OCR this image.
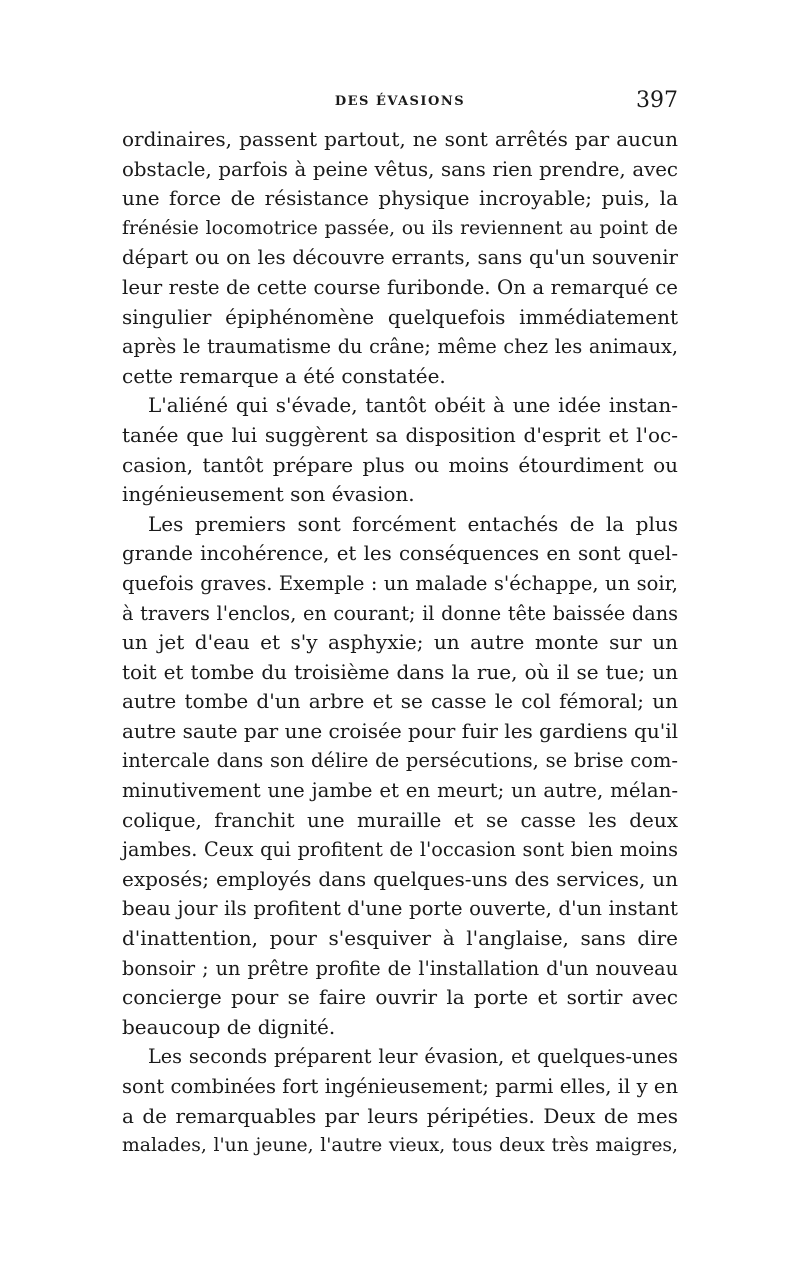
DES ÉVASIONS	397
ordinaires, passent partout, ne sont arrêtés par aucun
obstacle, parfois à peine vêtus, sans rien prendre, avec
une force de résistance physique incroyable; puis, la
frénésie locomotrice passée, ou ils reviennent au point de
départ ou on les découvre errants, sans qu'un souvenir
leur reste de cette course furibonde. On a remarqué ce
singulier épiphénomène quelquefois immédiatement
après le traumatisme du crâne; même chez les animaux,
cette remarque a été constatée.
L'aliéné qui s'évade, tantôt obéit à une idée instan-
tanée que lui suggèrent sa disposition d'esprit et l'oc-
casion, tantôt prépare plus ou moins étourdiment ou
ingénieusement son évasion.
Les premiers sont forcément entachés de la plus
grande incohérence, et les conséquences en sont quel-
quefois graves. Exemple : un malade s'échappe, un soir,
à travers l'enclos, en courant; il donne tête baissée dans
un jet d'eau et s'y asphyxie; un autre monte sur un
toit et tombe du troisième dans la rue, où il se tue; un
autre tombe d'un arbre et se casse le col fémoral; un
autre saute par une croisée pour fuir les gardiens qu'il
intercale dans son délire de persécutions, se brise com-
minutivement une jambe et en meurt; un autre, mélan-
colique, franchit une muraille et se casse les deux
jambes. Ceux qui profitent de l'occasion sont bien moins
exposés; employés dans quelques-uns des services, un
beau jour ils profitent d'une porte ouverte, d'un instant
d'inattention, pour s'esquiver à l'anglaise, sans dire
bonsoir ; un prêtre profite de l'installation d'un nouveau
concierge pour se faire ouvrir la porte et sortir avec
beaucoup de dignité.
Les seconds préparent leur évasion, et quelques-unes
sont combinées fort ingénieusement; parmi elles, il y en
a de remarquables par leurs péripéties. Deux de mes
malades, l'un jeune, l'autre vieux, tous deux très maigres,
